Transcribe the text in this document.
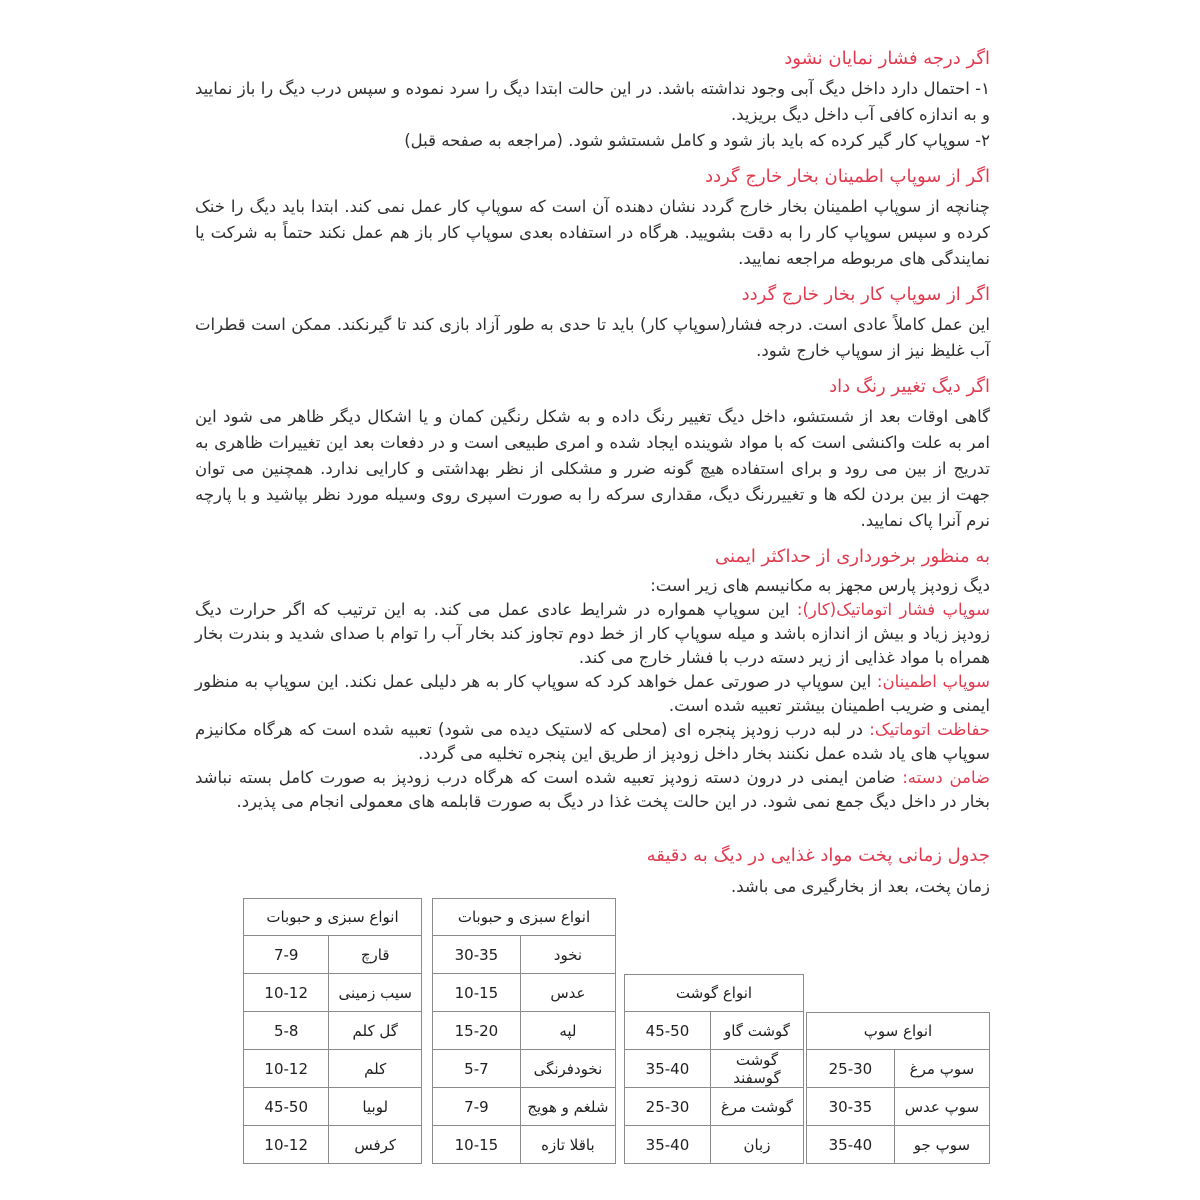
اگر درجه فشار نمایان نشود

۱- احتمال دارد داخل دیگ آبی وجود نداشته باشد. در این حالت ابتدا دیگ را سرد نموده و سپس درب دیگ را باز نمایید و به اندازه کافی آب داخل دیگ بریزید.

۲- سوپاپ کار گیر کرده که باید باز شود و کامل شستشو شود. (مراجعه به صفحه قبل)

اگر از سوپاپ اطمینان بخار خارج گردد

چنانچه از سوپاپ اطمینان بخار خارج گردد نشان دهنده آن است که سوپاپ کار عمل نمی کند. ابتدا باید دیگ را خنک کرده و سپس سوپاپ کار را به دقت بشویید. هرگاه در استفاده بعدی سوپاپ کار باز هم عمل نکند حتماً به شرکت یا نمایندگی های مربوطه مراجعه نمایید.

اگر از سوپاپ کار بخار خارج گردد

این عمل کاملاً عادی است. درجه فشار(سوپاپ کار) باید تا حدی به طور آزاد بازی کند تا گیرنکند. ممکن است قطرات آب غلیظ نیز از سوپاپ خارج شود.

اگر دیگ تغییر رنگ داد

گاهی اوقات بعد از شستشو، داخل دیگ تغییر رنگ داده و به شکل رنگین کمان و یا اشکال دیگر ظاهر می شود این امر به علت واکنشی است که با مواد شوینده ایجاد شده و امری طبیعی است و در دفعات بعد این تغییرات ظاهری به تدریج از بین می رود و برای استفاده هیچ گونه ضرر و مشکلی از نظر بهداشتی و کارایی ندارد. همچنین می توان جهت از بین بردن لکه ها و تغییررنگ دیگ، مقداری سرکه را به صورت اسپری روی وسیله مورد نظر بپاشید و با پارچه نرم آنرا پاک نمایید.

به منظور برخورداری از حداکثر ایمنی

دیگ زودپز پارس مجهز به مکانیسم های زیر است:

سوپاپ فشار اتوماتیک(کار): این سوپاپ همواره در شرایط عادی عمل می کند. به این ترتیب که اگر حرارت دیگ زودپز زیاد و بیش از اندازه باشد و میله سوپاپ کار از خط دوم تجاوز کند بخار آب را توام با صدای شدید و بندرت بخار همراه با مواد غذایی از زیر دسته درب با فشار خارج می کند.

سوپاپ اطمینان: این سوپاپ در صورتی عمل خواهد کرد که سوپاپ کار به هر دلیلی عمل نکند. این سوپاپ به منظور ایمنی و ضریب اطمینان بیشتر تعبیه شده است.

حفاظت اتوماتیک: در لبه درب زودپز پنجره ای (محلی که لاستیک دیده می شود) تعبیه شده است که هرگاه مکانیزم سوپاپ های یاد شده عمل نکنند بخار داخل زودپز از طریق این پنجره تخلیه می گردد.

ضامن دسته: ضامن ایمنی در درون دسته زودپز تعبیه شده است که هرگاه درب زودپز به صورت کامل بسته نباشد بخار در داخل دیگ جمع نمی شود. در این حالت پخت غذا در دیگ به صورت قابلمه های معمولی انجام می پذیرد.

جدول زمانی پخت مواد غذایی در دیگ به دقیقه
زمان پخت، بعد از بخارگیری می باشد.
انواع سبزی و حبوبات	
7-9	قارچ
10-12	سیب زمینی
5-8	گل کلم
10-12	کلم
45-50	لوبیا
10-12	کرفس
انواع سبزی و حبوبات	
30-35	نخود
10-15	عدس
15-20	لپه
5-7	نخودفرنگی
7-9	شلغم و هویج
10-15	باقلا تازه
انواع گوشت	
45-50	گوشت گاو
35-40	گوشت گوسفند
25-30	گوشت مرغ
35-40	زبان
انواع سوپ	
25-30	سوپ مرغ
30-35	سوپ عدس
35-40	سوپ جو
